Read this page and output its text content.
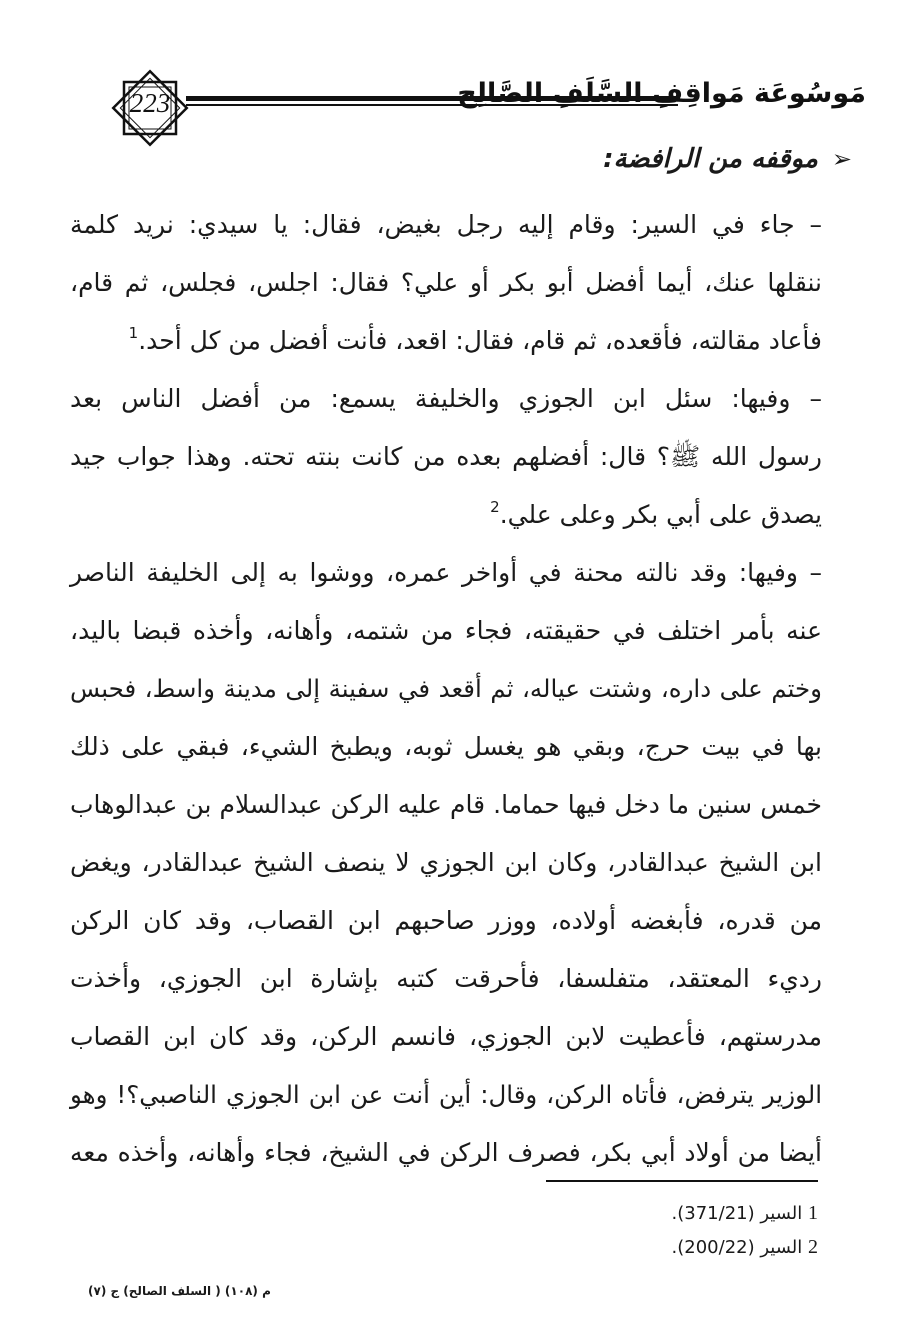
223	مَوسُوعَة مَواقِفِ السَّلَفِ الصَّالِح
➢
موقفه من الرافضة:
– جاء في السير: وقام إليه رجل بغيض، فقال: يا سيدي: نريد كلمة
ننقلها عنك، أيما أفضل أبو بكر أو علي؟ فقال: اجلس، فجلس، ثم قام،
فأعاد مقالته، فأقعده، ثم قام، فقال: اقعد، فأنت أفضل من كل أحد.$^1$
– وفيها: سئل ابن الجوزي والخليفة يسمع: من أفضل الناس بعد
رسول الله ﷺ؟ قال: أفضلهم بعده من كانت بنته تحته. وهذا جواب جيد
يصدق على أبي بكر وعلى علي.$^2$
– وفيها: وقد نالته محنة في أواخر عمره، ووشوا به إلى الخليفة الناصر
عنه بأمر اختلف في حقيقته، فجاء من شتمه، وأهانه، وأخذه قبضا باليد،
وختم على داره، وشتت عياله، ثم أقعد في سفينة إلى مدينة واسط، فحبس
بها في بيت حرج، وبقي هو يغسل ثوبه، ويطبخ الشيء، فبقي على ذلك
خمس سنين ما دخل فيها حماما. قام عليه الركن عبدالسلام بن عبدالوهاب
ابن الشيخ عبدالقادر، وكان ابن الجوزي لا ينصف الشيخ عبدالقادر، ويغض
من قدره، فأبغضه أولاده، ووزر صاحبهم ابن القصاب، وقد كان الركن
رديء المعتقد، متفلسفا، فأحرقت كتبه بإشارة ابن الجوزي، وأخذت
مدرستهم، فأعطيت لابن الجوزي، فانسم الركن، وقد كان ابن القصاب
الوزير يترفض، فأتاه الركن، وقال: أين أنت عن ابن الجوزي الناصبي؟! وهو
أيضا من أولاد أبي بكر، فصرف الركن في الشيخ، فجاء وأهانه، وأخذه معه
1 السير (371/21).
2 السير (200/22).
م (١٠٨) ( السلف الصالح) ج (٧)
